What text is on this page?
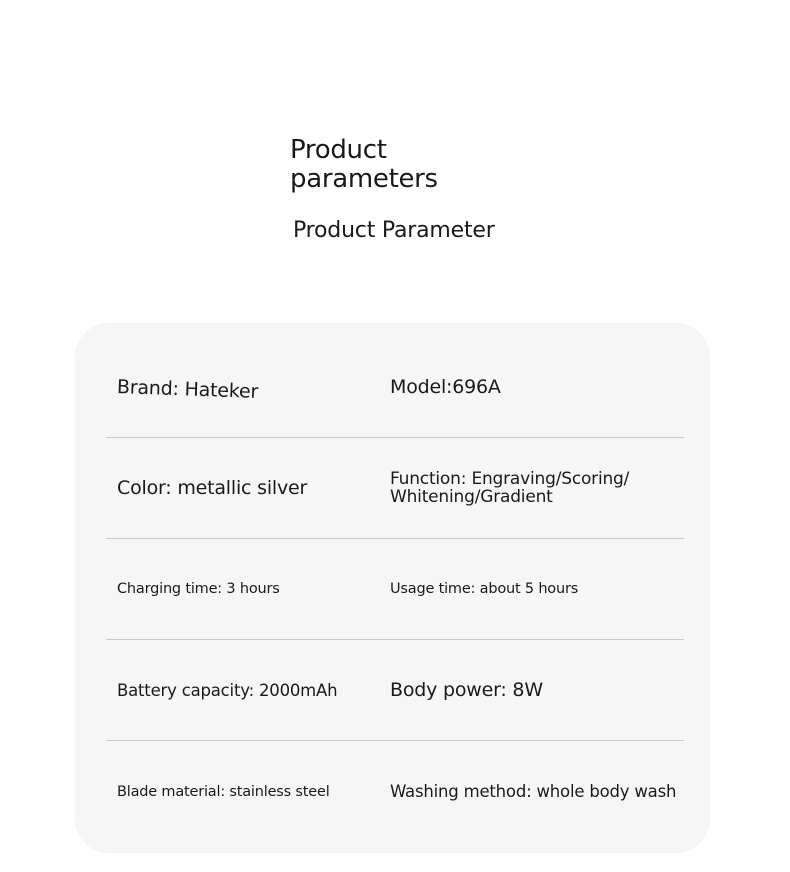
Product parameters
Product Parameter
Brand: Hateker	Model:696A
Color: metallic silver	Function: Engraving/Scoring/ Whitening/Gradient
Charging time: 3 hours	Usage time: about 5 hours
Battery capacity: 2000mAh	Body power: 8W
Blade material: stainless steel	Washing method: whole body wash
